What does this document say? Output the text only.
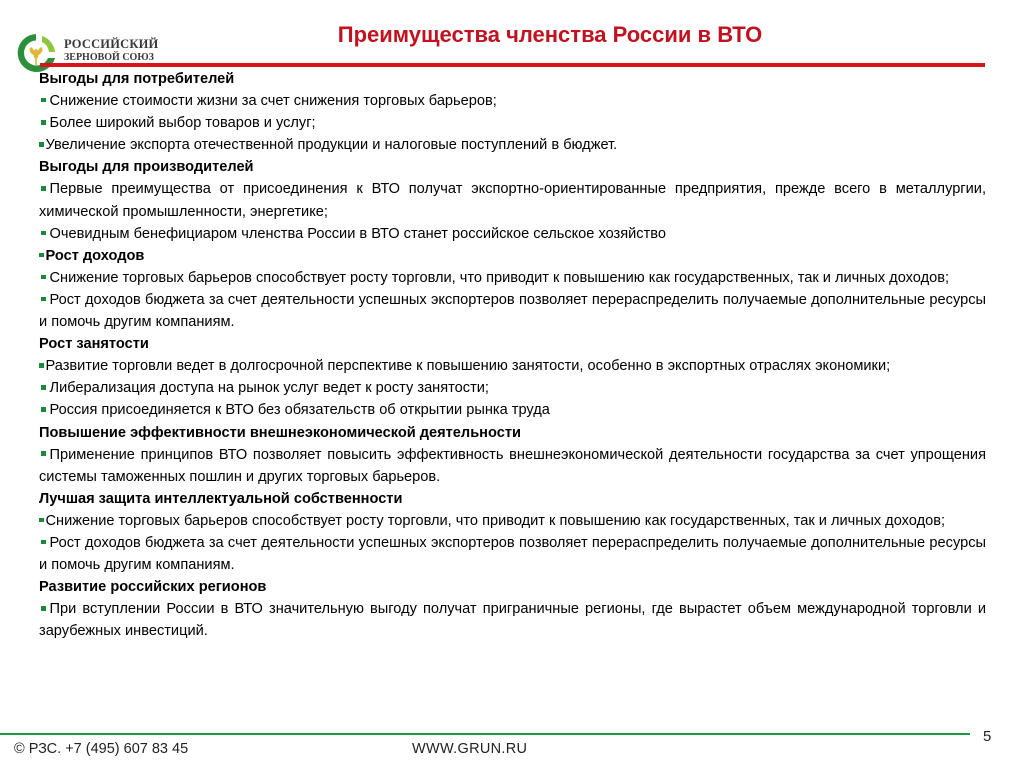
РОССИЙСКИЙ
ЗЕРНОВОЙ СОЮЗ
Преимущества членства России в ВТО
Выгоды для потребителей
Снижение стоимости жизни за счет снижения торговых барьеров;
Более широкий выбор товаров и услуг;
Увеличение экспорта отечественной продукции и налоговые поступлений в бюджет.
Выгоды для производителей
Первые преимущества от присоединения к ВТО получат экспортно-ориентированные предприятия, прежде всего в металлургии, химической промышленности, энергетике;
Очевидным бенефициаром членства России в ВТО станет российское сельское хозяйство
Рост доходов
Снижение торговых барьеров способствует росту торговли, что приводит к повышению как государственных, так и личных доходов;
Рост доходов бюджета за счет деятельности успешных экспортеров позволяет перераспределить получаемые дополнительные ресурсы и помочь другим компаниям.
Рост занятости
Развитие торговли ведет в долгосрочной перспективе к повышению занятости, особенно в экспортных отраслях экономики;
Либерализация доступа на рынок услуг ведет к росту занятости;
Россия присоединяется к ВТО без обязательств об открытии рынка труда
Повышение эффективности внешнеэкономической деятельности
Применение принципов ВТО позволяет повысить эффективность внешнеэкономической деятельности государства за счет упрощения системы таможенных пошлин и других торговых барьеров.
Лучшая защита интеллектуальной собственности
Снижение торговых барьеров способствует росту торговли, что приводит к повышению как государственных, так и личных доходов;
Рост доходов бюджета за счет деятельности успешных экспортеров позволяет перераспределить получаемые дополнительные ресурсы и помочь другим компаниям.
Развитие российских регионов
При вступлении России в ВТО значительную выгоду получат приграничные регионы, где вырастет объем международной торговли и зарубежных инвестиций.
5
© РЗС. +7 (495) 607 83 45	WWW.GRUN.RU
